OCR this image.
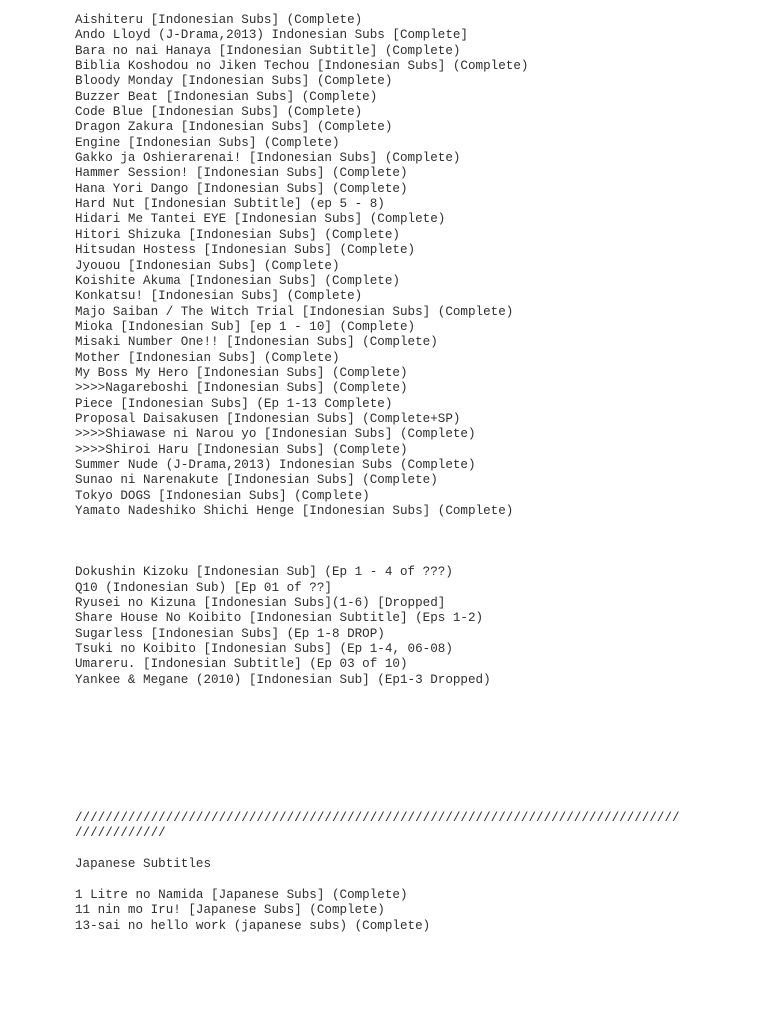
Aishiteru [Indonesian Subs] (Complete)
Ando Lloyd (J-Drama,2013) Indonesian Subs [Complete]
Bara no nai Hanaya [Indonesian Subtitle] (Complete)
Biblia Koshodou no Jiken Techou [Indonesian Subs] (Complete)
Bloody Monday [Indonesian Subs] (Complete)
Buzzer Beat [Indonesian Subs] (Complete)
Code Blue [Indonesian Subs] (Complete)
Dragon Zakura [Indonesian Subs] (Complete)
Engine [Indonesian Subs] (Complete)
Gakko ja Oshierarenai! [Indonesian Subs] (Complete)
Hammer Session! [Indonesian Subs] (Complete)
Hana Yori Dango [Indonesian Subs] (Complete)
Hard Nut [Indonesian Subtitle] (ep 5 - 8)
Hidari Me Tantei EYE [Indonesian Subs] (Complete)
Hitori Shizuka [Indonesian Subs] (Complete)
Hitsudan Hostess [Indonesian Subs] (Complete)
Jyouou [Indonesian Subs] (Complete)
Koishite Akuma [Indonesian Subs] (Complete)
Konkatsu! [Indonesian Subs] (Complete)
Majo Saiban / The Witch Trial [Indonesian Subs] (Complete)
Mioka [Indonesian Sub] [ep 1 - 10] (Complete)
Misaki Number One!! [Indonesian Subs] (Complete)
Mother [Indonesian Subs] (Complete)
My Boss My Hero [Indonesian Subs] (Complete)
>>>>Nagareboshi [Indonesian Subs] (Complete)
Piece [Indonesian Subs] (Ep 1-13 Complete)
Proposal Daisakusen [Indonesian Subs] (Complete+SP)
>>>>Shiawase ni Narou yo [Indonesian Subs] (Complete)
>>>>Shiroi Haru [Indonesian Subs] (Complete)
Summer Nude (J-Drama,2013) Indonesian Subs (Complete)
Sunao ni Narenakute [Indonesian Subs] (Complete)
Tokyo DOGS [Indonesian Subs] (Complete)
Yamato Nadeshiko Shichi Henge [Indonesian Subs] (Complete)
Dokushin Kizoku [Indonesian Sub] (Ep 1 - 4 of ???)
Q10 (Indonesian Sub) [Ep 01 of ??]
Ryusei no Kizuna [Indonesian Subs](1-6) [Dropped]
Share House No Koibito [Indonesian Subtitle] (Eps 1-2)
Sugarless [Indonesian Subs] (Ep 1-8 DROP)
Tsuki no Koibito [Indonesian Subs] (Ep 1-4, 06-08)
Umareru. [Indonesian Subtitle] (Ep 03 of 10)
Yankee & Megane (2010) [Indonesian Sub] (Ep1-3 Dropped)
////////////////////////////////////////////////////////////////////////////////
////////////
Japanese Subtitles
1 Litre no Namida [Japanese Subs] (Complete)
11 nin mo Iru! [Japanese Subs] (Complete)
13-sai no hello work (japanese subs) (Complete)
